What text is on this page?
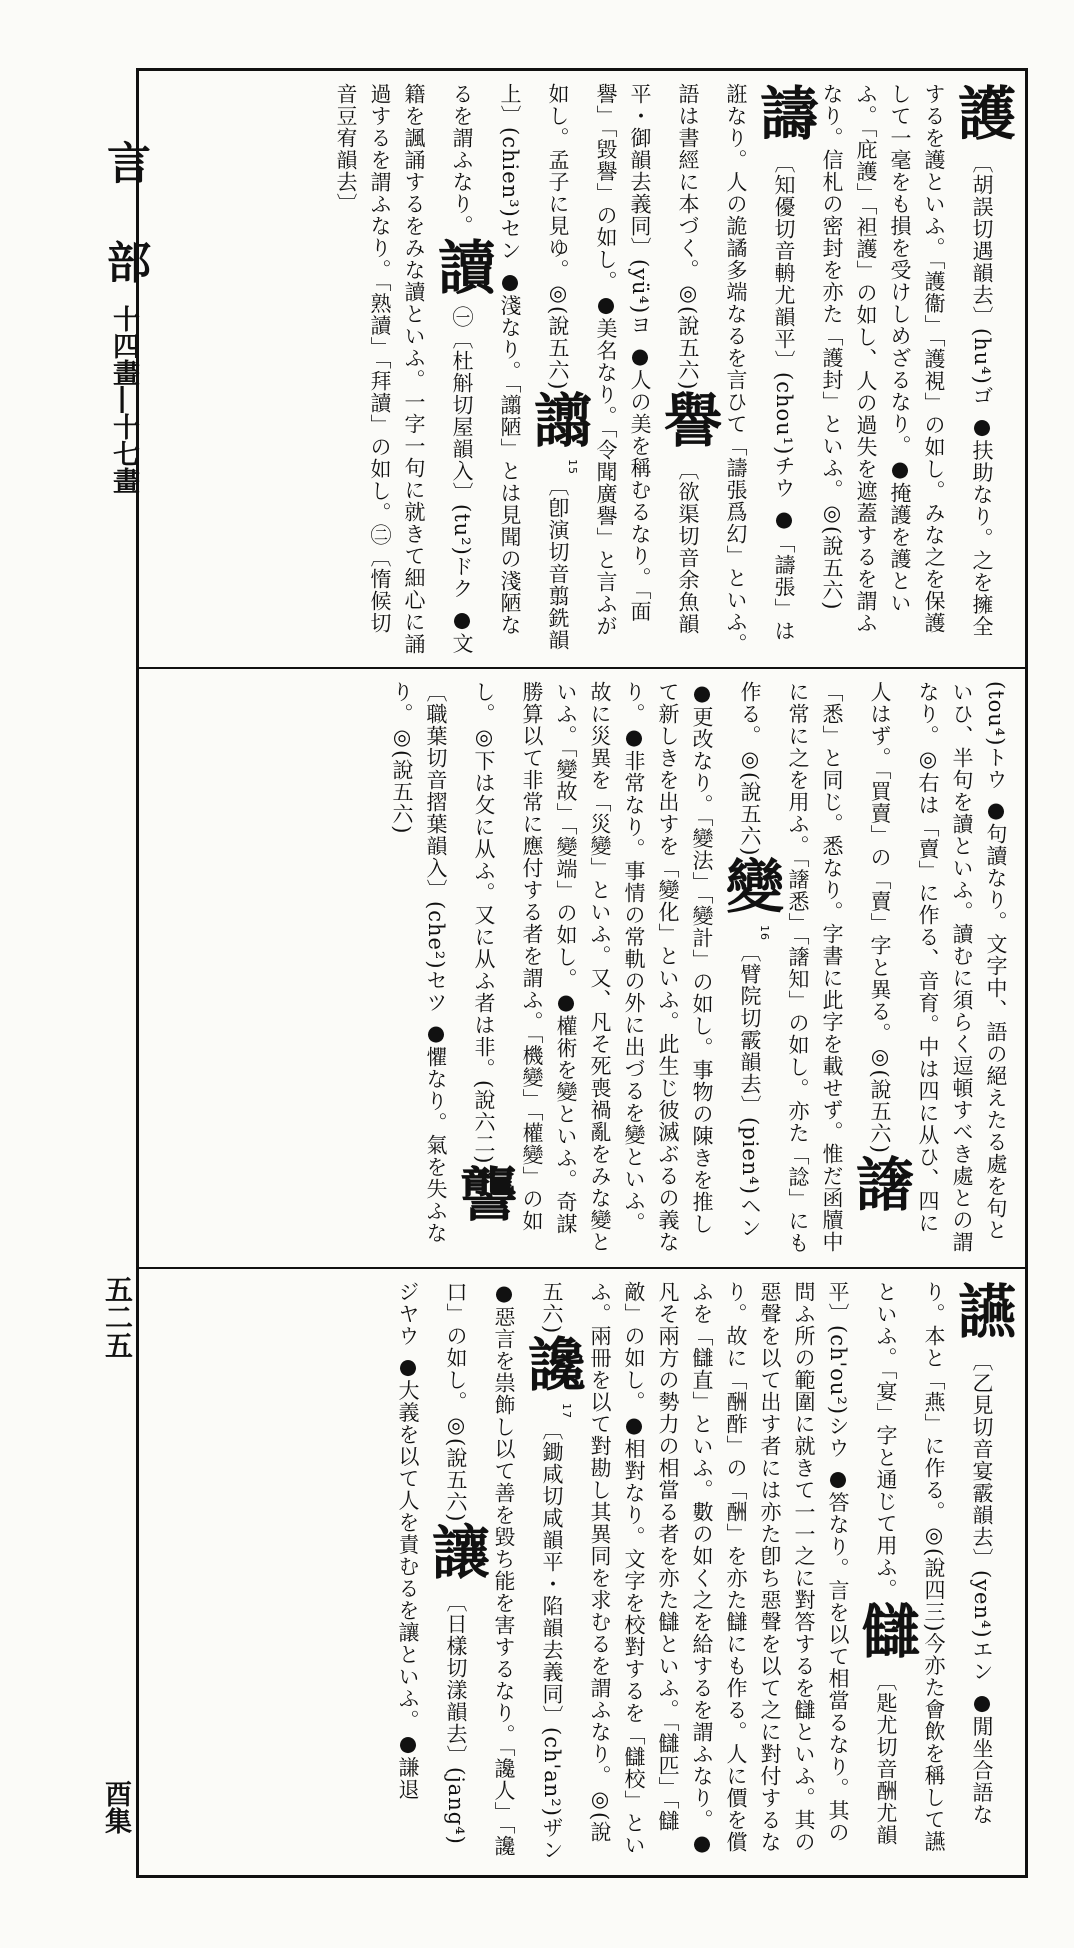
言 部
十四畫―十七畫
五二五
酉集
護〔胡誤切遇韻去〕(hu⁴)ゴ ●扶助なり。之を擁全するを護といふ。「護衞」「護視」の如し。みな之を保護して一毫をも損を受けしめざるなり。●掩護を護といふ。「庇護」「袒護」の如し、人の過失を遮蓋するを謂ふなり。信札の密封を亦た「護封」といふ。◎(說五六)譸〔知優切音輈尤韻平〕(chou¹)チウ ●「譸張」は誑なり。人の詭譎多端なるを言ひて「譸張爲幻」といふ。語は書經に本づく。◎(說五六)譽〔欲渠切音余魚韻平・御韻去義同〕(yü⁴)ヨ ●人の美を稱むるなり。「面譽」「毀譽」の如し。●美名なり。「令聞廣譽」と言ふが如し。孟子に見ゆ。◎(說五六)譾$^{15}$〔卽演切音翦銑韻上〕(chien³)セン ●淺なり。「譾陋」とは見聞の淺陋なるを謂ふなり。讀㊀〔杜斛切屋韻入〕(tu²)ドク ●文籍を諷誦するをみな讀といふ。一字一句に就きて細心に誦過するを謂ふなり。「熟讀」「拜讀」の如し。㊁〔惰候切音豆宥韻去〕
(tou⁴)トウ ●句讀なり。文字中、語の絕えたる處を句といひ、半句を讀といふ。讀むに須らく逗頓すべき處との謂なり。◎右は「賣」に作る、音育。中は四に从ひ、四に人はず。「買賣」の「賣」字と異る。◎(說五六)譇「悉」と同じ。悉なり。字書に此字を載せず。惟だ函牘中に常に之を用ふ。「譇悉」「譇知」の如し。亦た「諗」にも作る。◎(說五六)變$^{16}$〔臂院切霰韻去〕(pien⁴)ヘン ●更改なり。「變法」「變計」の如し。事物の陳きを推して新しきを出すを「變化」といふ。此生じ彼滅ぶるの義なり。●非常なり。事情の常軌の外に出づるを變といふ。故に災異を「災變」といふ。又、凡そ死喪禍亂をみな變といふ。「變故」「變端」の如し。●權術を變といふ。奇謀勝算以て非常に應付する者を謂ふ。「機變」「權變」の如し。◎下は攵に从ふ。又に从ふ者は非。(說六二)讋〔職葉切音摺葉韻入〕(che²)セツ ●懼なり。氣を失ふなり。◎(說五六)
讌〔乙見切音宴霰韻去〕(yen⁴)エン ●閒坐合語なり。本と「燕」に作る。◎(說四三)今亦た會飲を稱して讌といふ。「宴」字と通じて用ふ。讎〔匙尤切音酬尤韻平〕(ch'ou²)シウ ●答なり。言を以て相當るなり。其の問ふ所の範圍に就きて一一之に對答するを讎といふ。其の惡聲を以て出す者には亦た卽ち惡聲を以て之に對付するなり。故に「酬酢」の「酬」を亦た讎にも作る。人に價を償ふを「讎直」といふ。數の如く之を給するを謂ふなり。●凡そ兩方の勢力の相當る者を亦た讎といふ。「讎匹」「讎敵」の如し。●相對なり。文字を校對するを「讎校」といふ。兩冊を以て對勘し其異同を求むるを謂ふなり。◎(說五六)讒$^{17}$〔鋤咸切咸韻平・陷韻去義同〕(ch'an²)ザン ●惡言を祟飾し以て善を毀ち能を害するなり。「讒人」「讒口」の如し。◎(說五六)讓〔日樣切漾韻去〕(jang⁴)ジヤウ ●大義を以て人を責むるを讓といふ。●謙退
